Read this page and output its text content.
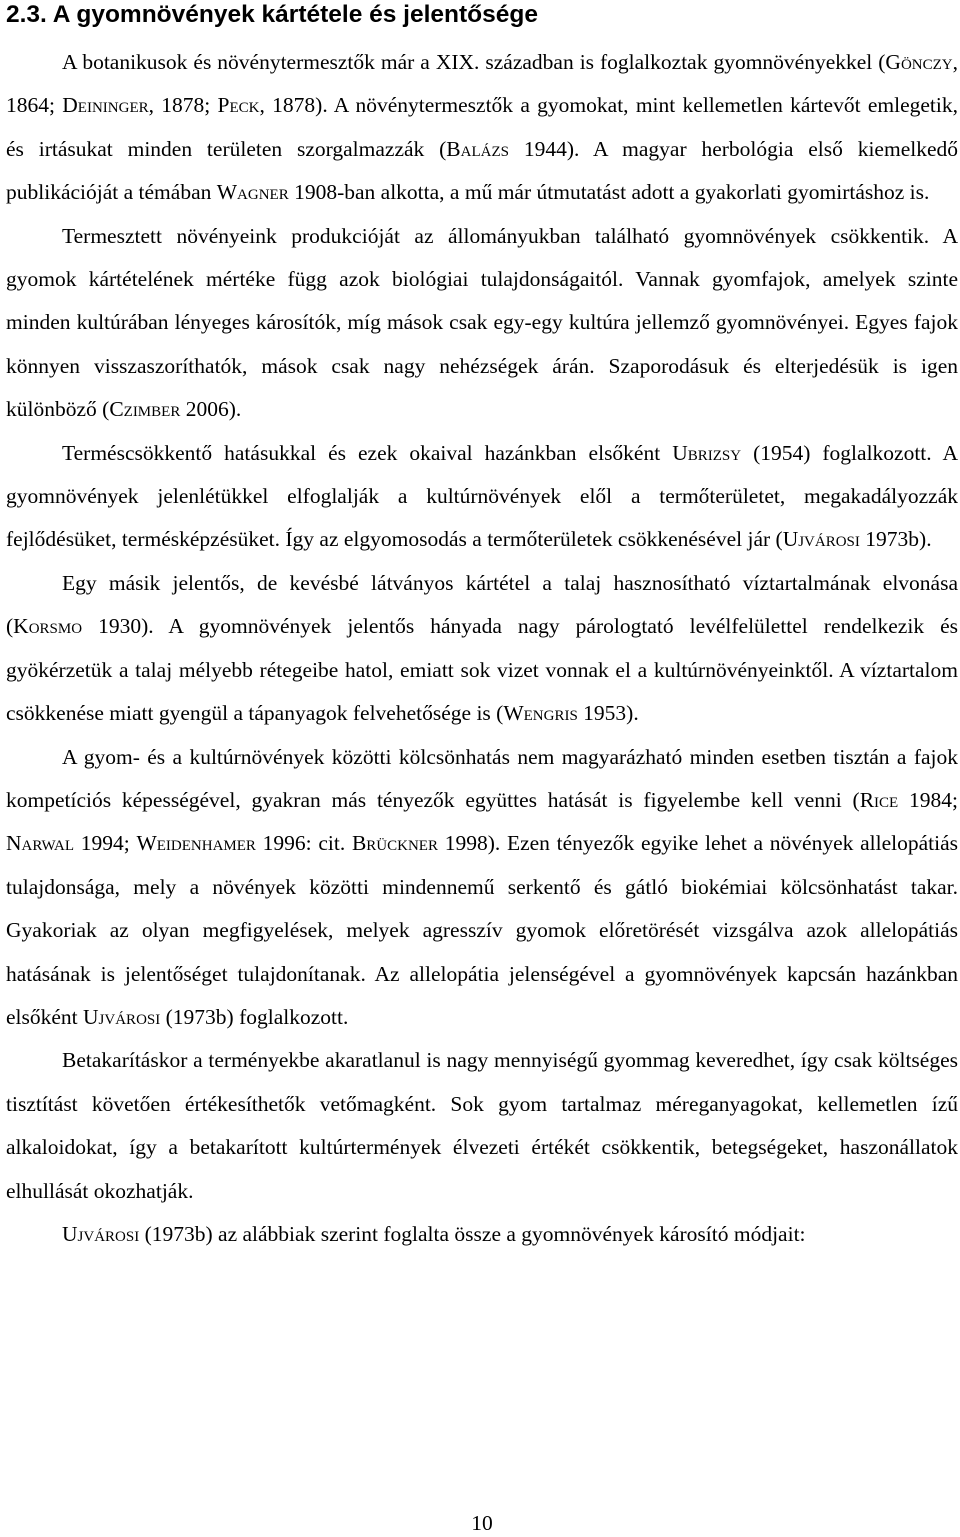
2.3. A gyomnövények kártétele és jelentősége

A botanikusok és növénytermesztők már a XIX. században is foglalkoztak gyomnövényekkel (Gönczy, 1864; Deininger, 1878; Peck, 1878). A növénytermesztők a gyomokat, mint kellemetlen kártevőt emlegetik, és irtásukat minden területen szorgalmazzák (Balázs 1944). A magyar herbológia első kiemelkedő publikációját a témában Wagner 1908-ban alkotta, a mű már útmutatást adott a gyakorlati gyomirtáshoz is.

Termesztett növényeink produkcióját az állományukban található gyomnövények csökkentik. A gyomok kártételének mértéke függ azok biológiai tulajdonságaitól. Vannak gyomfajok, amelyek szinte minden kultúrában lényeges károsítók, míg mások csak egy-egy kultúra jellemző gyomnövényei. Egyes fajok könnyen visszaszoríthatók, mások csak nagy nehézségek árán. Szaporodásuk és elterjedésük is igen különböző (Czimber 2006).

Terméscsökkentő hatásukkal és ezek okaival hazánkban elsőként Ubrizsy (1954) foglalkozott. A gyomnövények jelenlétükkel elfoglalják a kultúrnövények elől a termőterületet, megakadályozzák fejlődésüket, termésképzésüket. Így az elgyomosodás a termőterületek csökkenésével jár (Ujvárosi 1973b).

Egy másik jelentős, de kevésbé látványos kártétel a talaj hasznosítható víztartalmának elvonása (Korsmo 1930). A gyomnövények jelentős hányada nagy párologtató levélfelülettel rendelkezik és gyökérzetük a talaj mélyebb rétegeibe hatol, emiatt sok vizet vonnak el a kultúrnövényeinktől. A víztartalom csökkenése miatt gyengül a tápanyagok felvehetősége is (Wengris 1953).

A gyom- és a kultúrnövények közötti kölcsönhatás nem magyarázható minden esetben tisztán a fajok kompetíciós képességével, gyakran más tényezők együttes hatását is figyelembe kell venni (Rice 1984; Narwal 1994; Weidenhamer 1996: cit. Brückner 1998). Ezen tényezők egyike lehet a növények allelopátiás tulajdonsága, mely a növények közötti mindennemű serkentő és gátló biokémiai kölcsönhatást takar. Gyakoriak az olyan megfigyelések, melyek agresszív gyomok előretörését vizsgálva azok allelopátiás hatásának is jelentőséget tulajdonítanak. Az allelopátia jelenségével a gyomnövények kapcsán hazánkban elsőként Ujvárosi (1973b) foglalkozott.

Betakarításkor a terményekbe akaratlanul is nagy mennyiségű gyommag keveredhet, így csak költséges tisztítást követően értékesíthetők vetőmagként. Sok gyom tartalmaz méreganyagokat, kellemetlen ízű alkaloidokat, így a betakarított kultúrtermények élvezeti értékét csökkentik, betegségeket, haszonállatok elhullását okozhatják.

Ujvárosi (1973b) az alábbiak szerint foglalta össze a gyomnövények károsító módjait:

10
